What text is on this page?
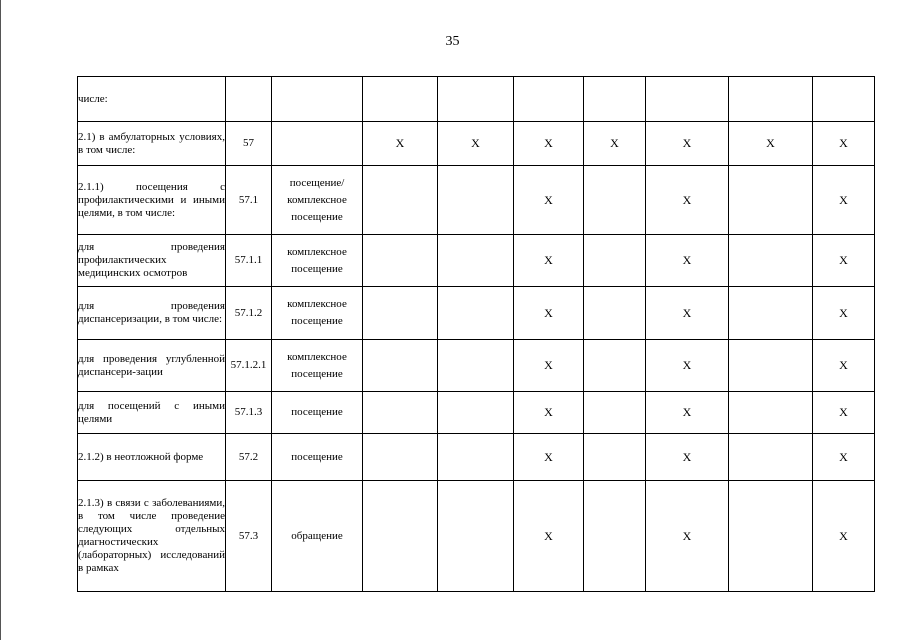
35
числе:									

2.1) в амбулаторных условиях, в том числе:	57		Х	Х	Х	Х	Х	Х	Х

2.1.1) посещения с профилактическими и иными целями, в том числе:	57.1	посещение/ комплексное посещение			Х		Х		Х

для проведения профилактических медицинских осмотров	57.1.1	комплексное посещение			Х		Х		Х

для проведения диспансеризации, в том числе:	57.1.2	комплексное посещение			Х		Х		Х

для проведения углубленной диспансери-зации	57.1.2.1	комплексное посещение			Х		Х		Х

для посещений с иными целями	57.1.3	посещение			Х		Х		Х

2.1.2) в неотложной форме	57.2	посещение			Х		Х		Х

2.1.3) в связи с заболеваниями, в том числе проведение следующих отдельных диагностических (лабораторных) исследований в рамках	57.3	обращение			Х		Х		Х
